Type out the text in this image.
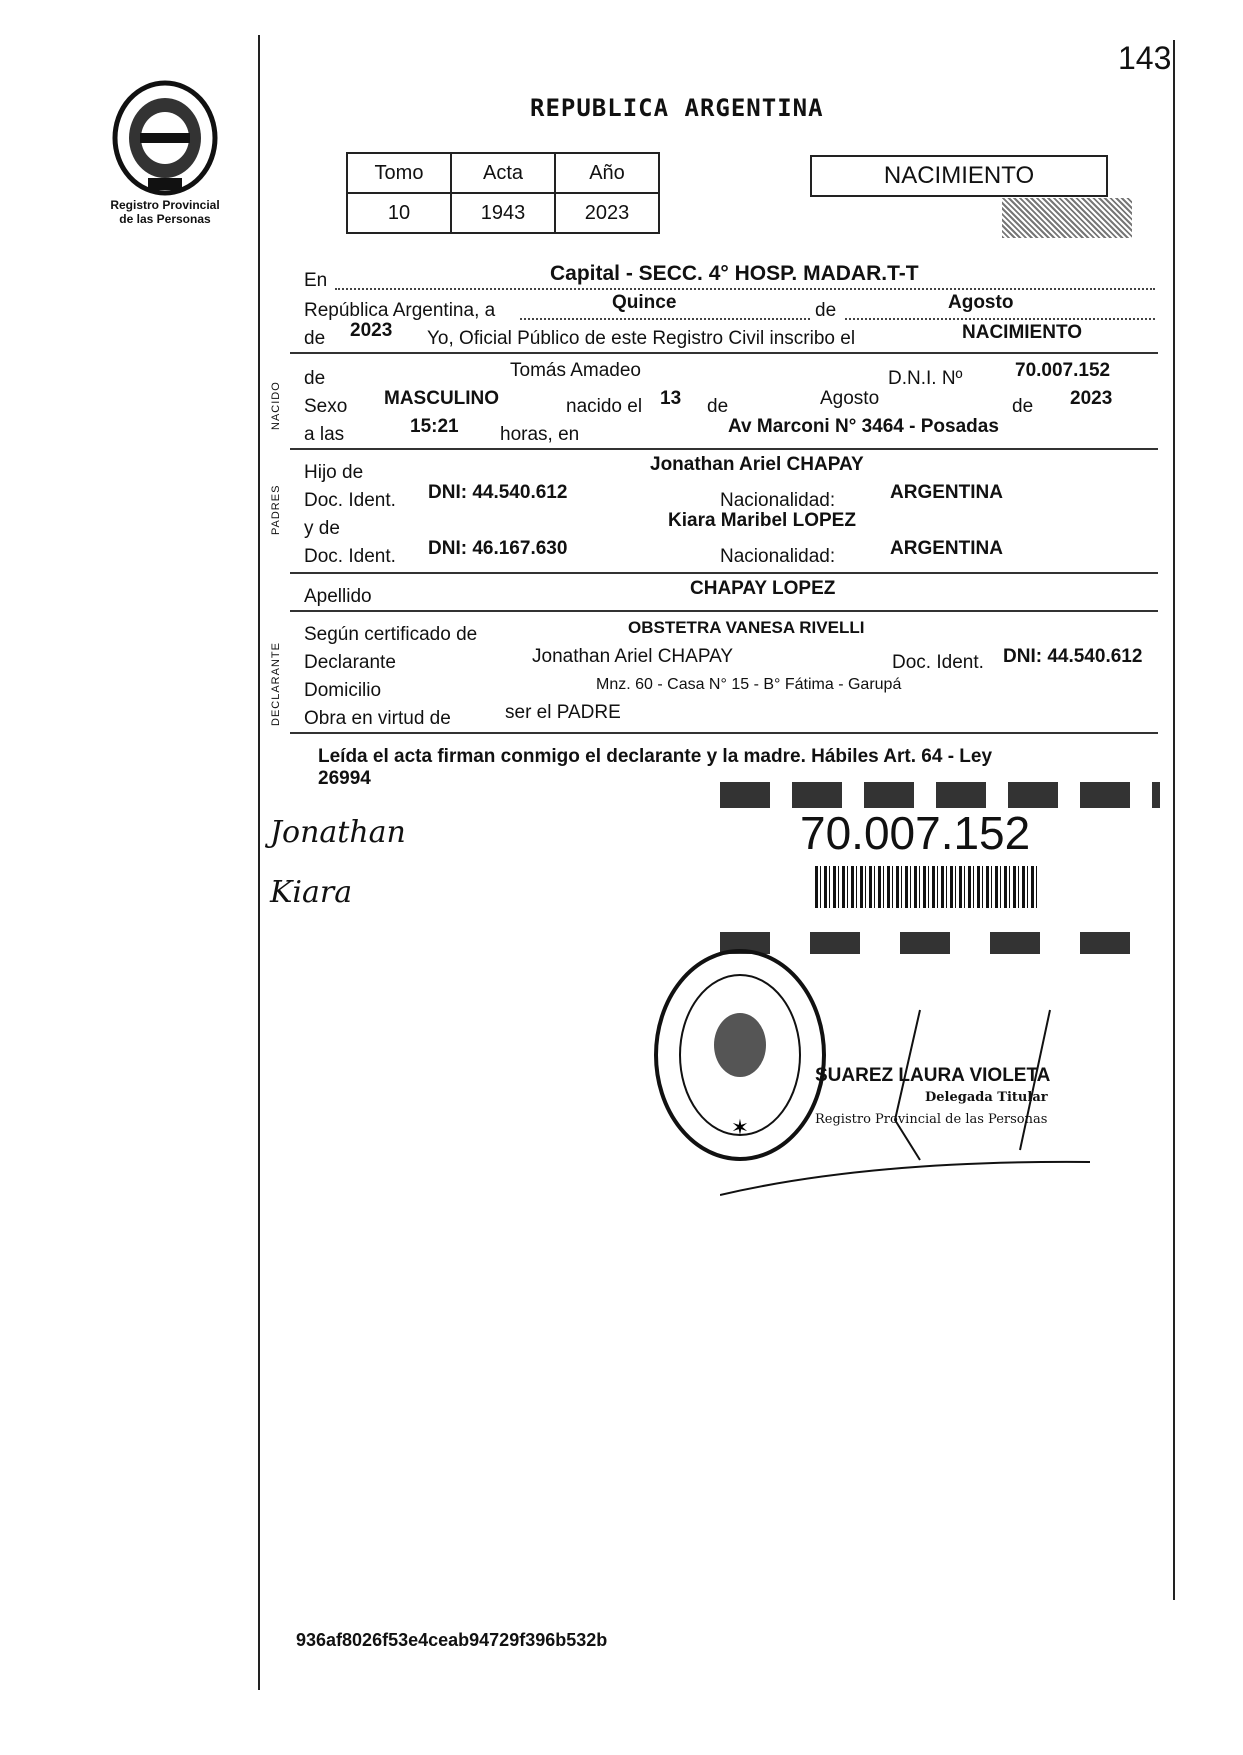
143
Registro Provincial
de las Personas
REPUBLICA ARGENTINA
Tomo	Acta	Año
10	1943	2023
NACIMIENTO
En	Capital - SECC. 4° HOSP. MADAR.T-T
República Argentina, a	Quince	de	Agosto
de 2023 Yo, Oficial Público de este Registro Civil inscribo el	NACIMIENTO
NACIDO
de	Tomás Amadeo	D.N.I. Nº	70.007.152
Sexo MASCULINO	nacido el 13 de	Agosto	de 2023
a las	15:21 horas, en	Av Marconi N° 3464 - Posadas
PADRES
Hijo de	Jonathan Ariel CHAPAY
Doc. Ident. DNI: 44.540.612	Nacionalidad:	ARGENTINA
y de	Kiara Maribel LOPEZ
Doc. Ident. DNI: 46.167.630	Nacionalidad:	ARGENTINA
Apellido	CHAPAY LOPEZ
DECLARANTE
Según certificado de	OBSTETRA VANESA RIVELLI
Declarante	Jonathan Ariel CHAPAY	Doc. Ident. DNI: 44.540.612
Domicilio	Mnz. 60 - Casa N° 15 - B° Fátima - Garupá
Obra en virtud de	ser el PADRE
Leída el acta firman conmigo el declarante y la madre. Hábiles Art. 64 - Ley
26994
70.007.152
Jonathan
Kiara
✶
SUAREZ LAURA VIOLETA
Delegada Titular
Registro Provincial de las Personas
936af8026f53e4ceab94729f396b532b
